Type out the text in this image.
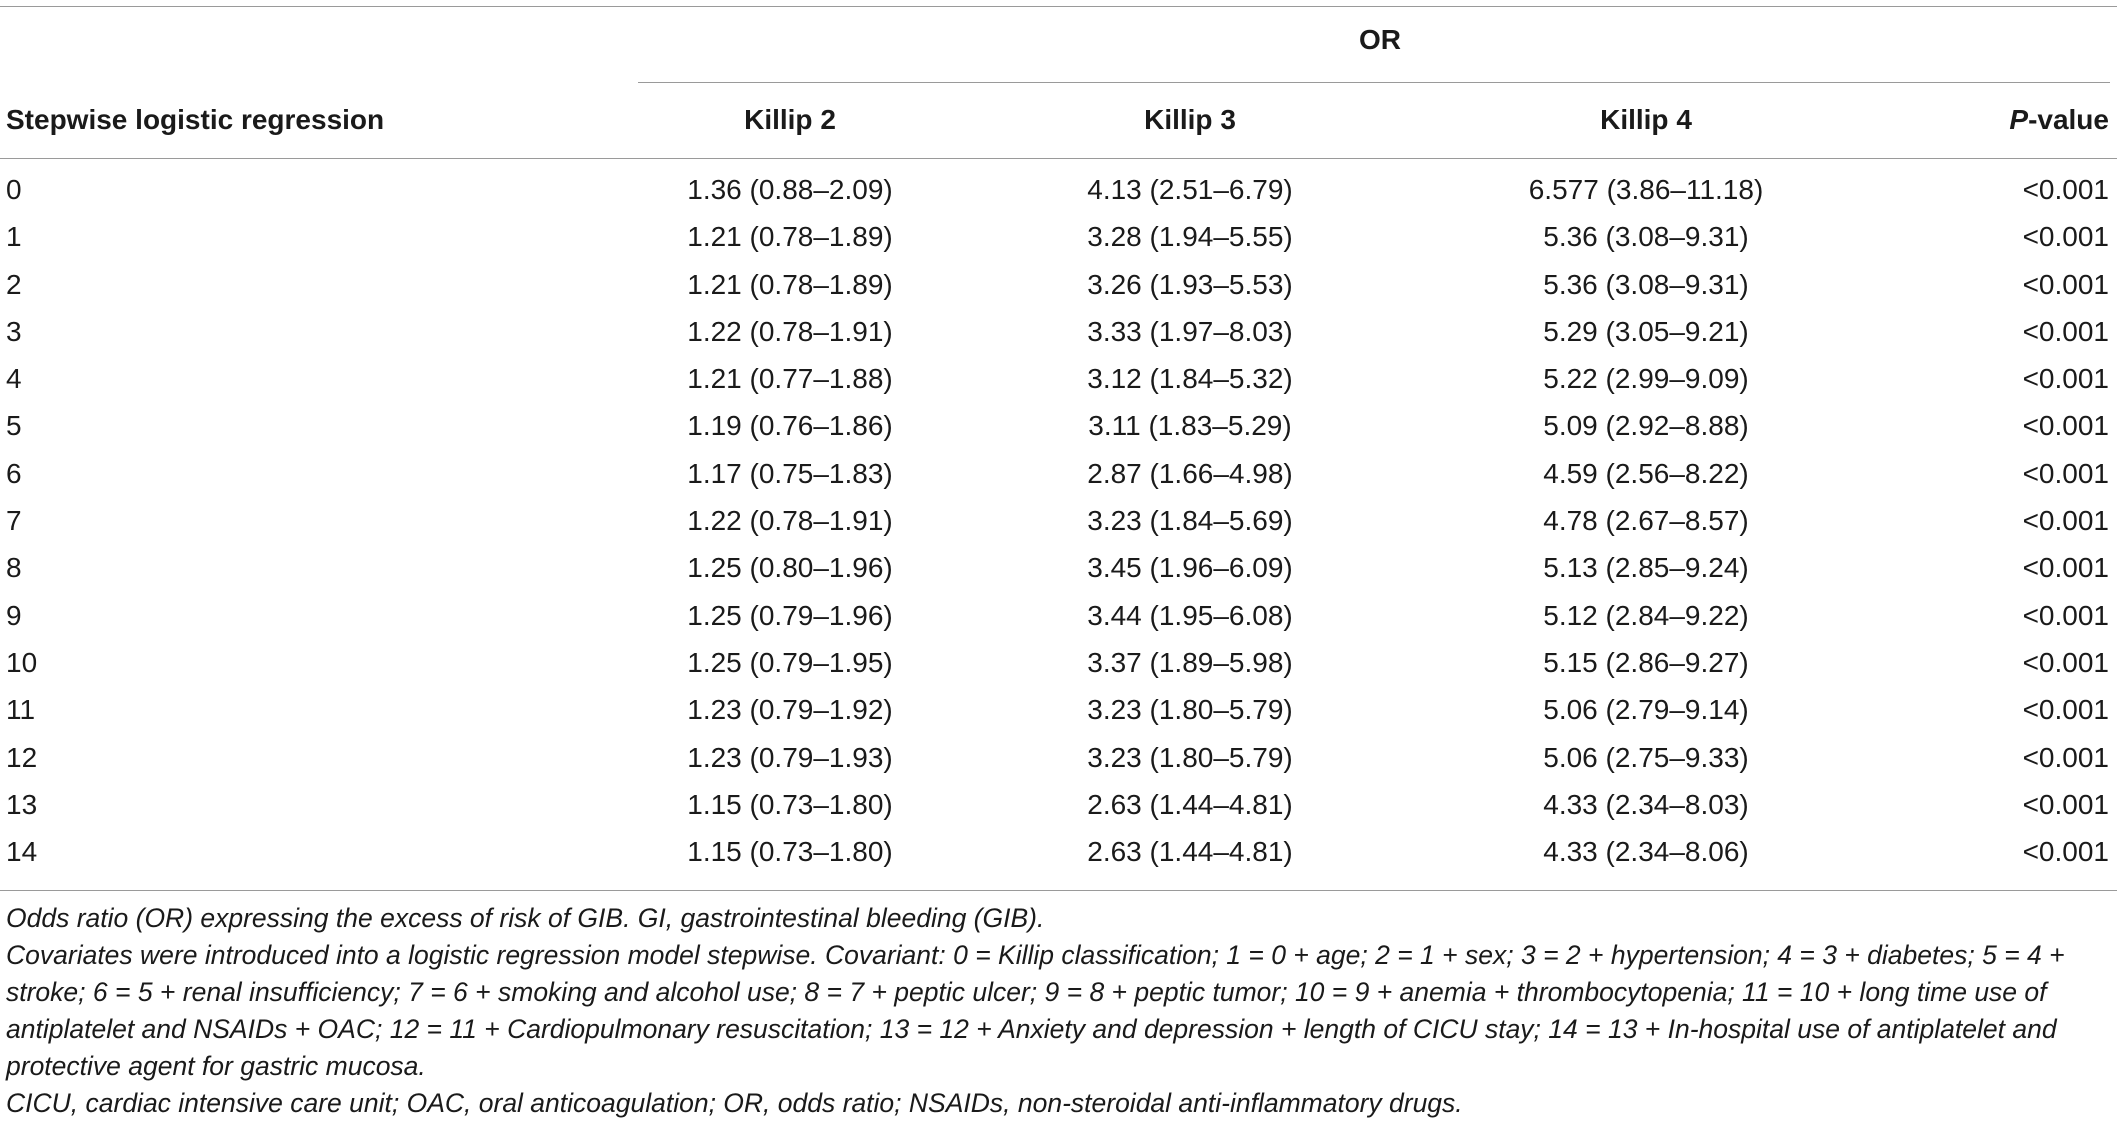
OR
Stepwise logistic regression	Killip 2	Killip 3	Killip 4	P-value
0	1.36 (0.88–2.09)	4.13 (2.51–6.79)	6.577 (3.86–11.18)	<0.001
1	1.21 (0.78–1.89)	3.28 (1.94–5.55)	5.36 (3.08–9.31)	<0.001
2	1.21 (0.78–1.89)	3.26 (1.93–5.53)	5.36 (3.08–9.31)	<0.001
3	1.22 (0.78–1.91)	3.33 (1.97–8.03)	5.29 (3.05–9.21)	<0.001
4	1.21 (0.77–1.88)	3.12 (1.84–5.32)	5.22 (2.99–9.09)	<0.001
5	1.19 (0.76–1.86)	3.11 (1.83–5.29)	5.09 (2.92–8.88)	<0.001
6	1.17 (0.75–1.83)	2.87 (1.66–4.98)	4.59 (2.56–8.22)	<0.001
7	1.22 (0.78–1.91)	3.23 (1.84–5.69)	4.78 (2.67–8.57)	<0.001
8	1.25 (0.80–1.96)	3.45 (1.96–6.09)	5.13 (2.85–9.24)	<0.001
9	1.25 (0.79–1.96)	3.44 (1.95–6.08)	5.12 (2.84–9.22)	<0.001
10	1.25 (0.79–1.95)	3.37 (1.89–5.98)	5.15 (2.86–9.27)	<0.001
11	1.23 (0.79–1.92)	3.23 (1.80–5.79)	5.06 (2.79–9.14)	<0.001
12	1.23 (0.79–1.93)	3.23 (1.80–5.79)	5.06 (2.75–9.33)	<0.001
13	1.15 (0.73–1.80)	2.63 (1.44–4.81)	4.33 (2.34–8.03)	<0.001
14	1.15 (0.73–1.80)	2.63 (1.44–4.81)	4.33 (2.34–8.06)	<0.001

Odds ratio (OR) expressing the excess of risk of GIB. GI, gastrointestinal bleeding (GIB).

Covariates were introduced into a logistic regression model stepwise. Covariant: 0 = Killip classification; 1 = 0 + age; 2 = 1 + sex; 3 = 2 + hypertension; 4 = 3 + diabetes; 5 = 4 + stroke; 6 = 5 + renal insufficiency; 7 = 6 + smoking and alcohol use; 8 = 7 + peptic ulcer; 9 = 8 + peptic tumor; 10 = 9 + anemia + thrombocytopenia; 11 = 10 + long time use of antiplatelet and NSAIDs + OAC; 12 = 11 + Cardiopulmonary resuscitation; 13 = 12 + Anxiety and depression + length of CICU stay; 14 = 13 + In-hospital use of antiplatelet and protective agent for gastric mucosa.

CICU, cardiac intensive care unit; OAC, oral anticoagulation; OR, odds ratio; NSAIDs, non-steroidal anti-inflammatory drugs.
